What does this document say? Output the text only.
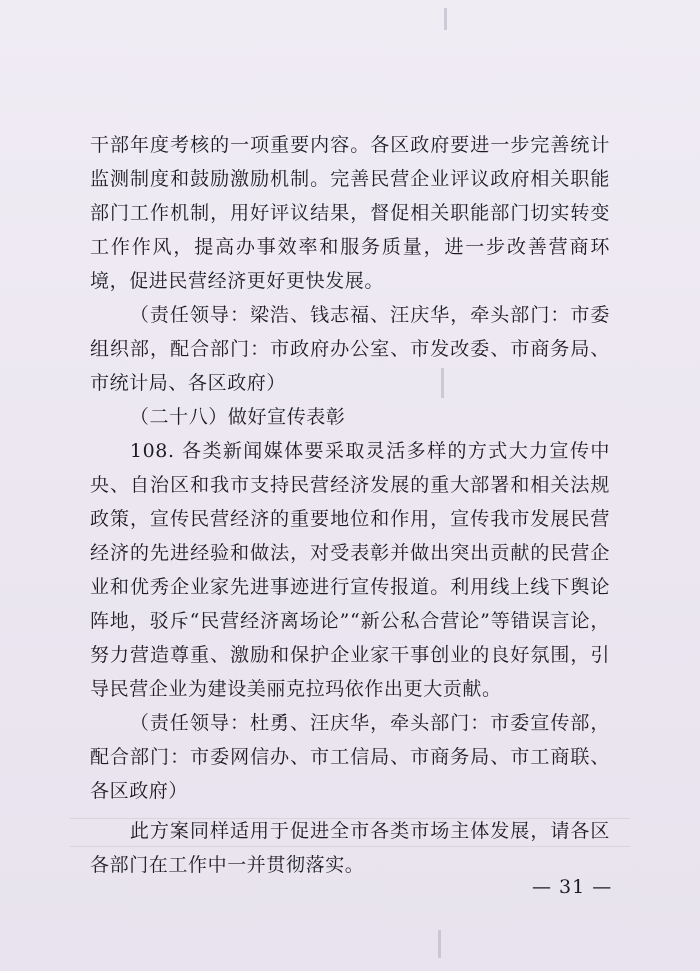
干部年度考核的一项重要内容。各区政府要进一步完善统计监测制度和鼓励激励机制。完善民营企业评议政府相关职能部门工作机制，用好评议结果，督促相关职能部门切实转变工作作风，提高办事效率和服务质量，进一步改善营商环境，促进民营经济更好更快发展。

（责任领导：梁浩、钱志福、汪庆华，牵头部门：市委组织部，配合部门：市政府办公室、市发改委、市商务局、市统计局、各区政府）

（二十八）做好宣传表彰

108. 各类新闻媒体要采取灵活多样的方式大力宣传中央、自治区和我市支持民营经济发展的重大部署和相关法规政策，宣传民营经济的重要地位和作用，宣传我市发展民营经济的先进经验和做法，对受表彰并做出突出贡献的民营企业和优秀企业家先进事迹进行宣传报道。利用线上线下舆论阵地，驳斥“民营经济离场论”“新公私合营论”等错误言论，努力营造尊重、激励和保护企业家干事创业的良好氛围，引导民营企业为建设美丽克拉玛依作出更大贡献。

（责任领导：杜勇、汪庆华，牵头部门：市委宣传部，配合部门：市委网信办、市工信局、市商务局、市工商联、各区政府）

此方案同样适用于促进全市各类市场主体发展，请各区各部门在工作中一并贯彻落实。

— 31 —
